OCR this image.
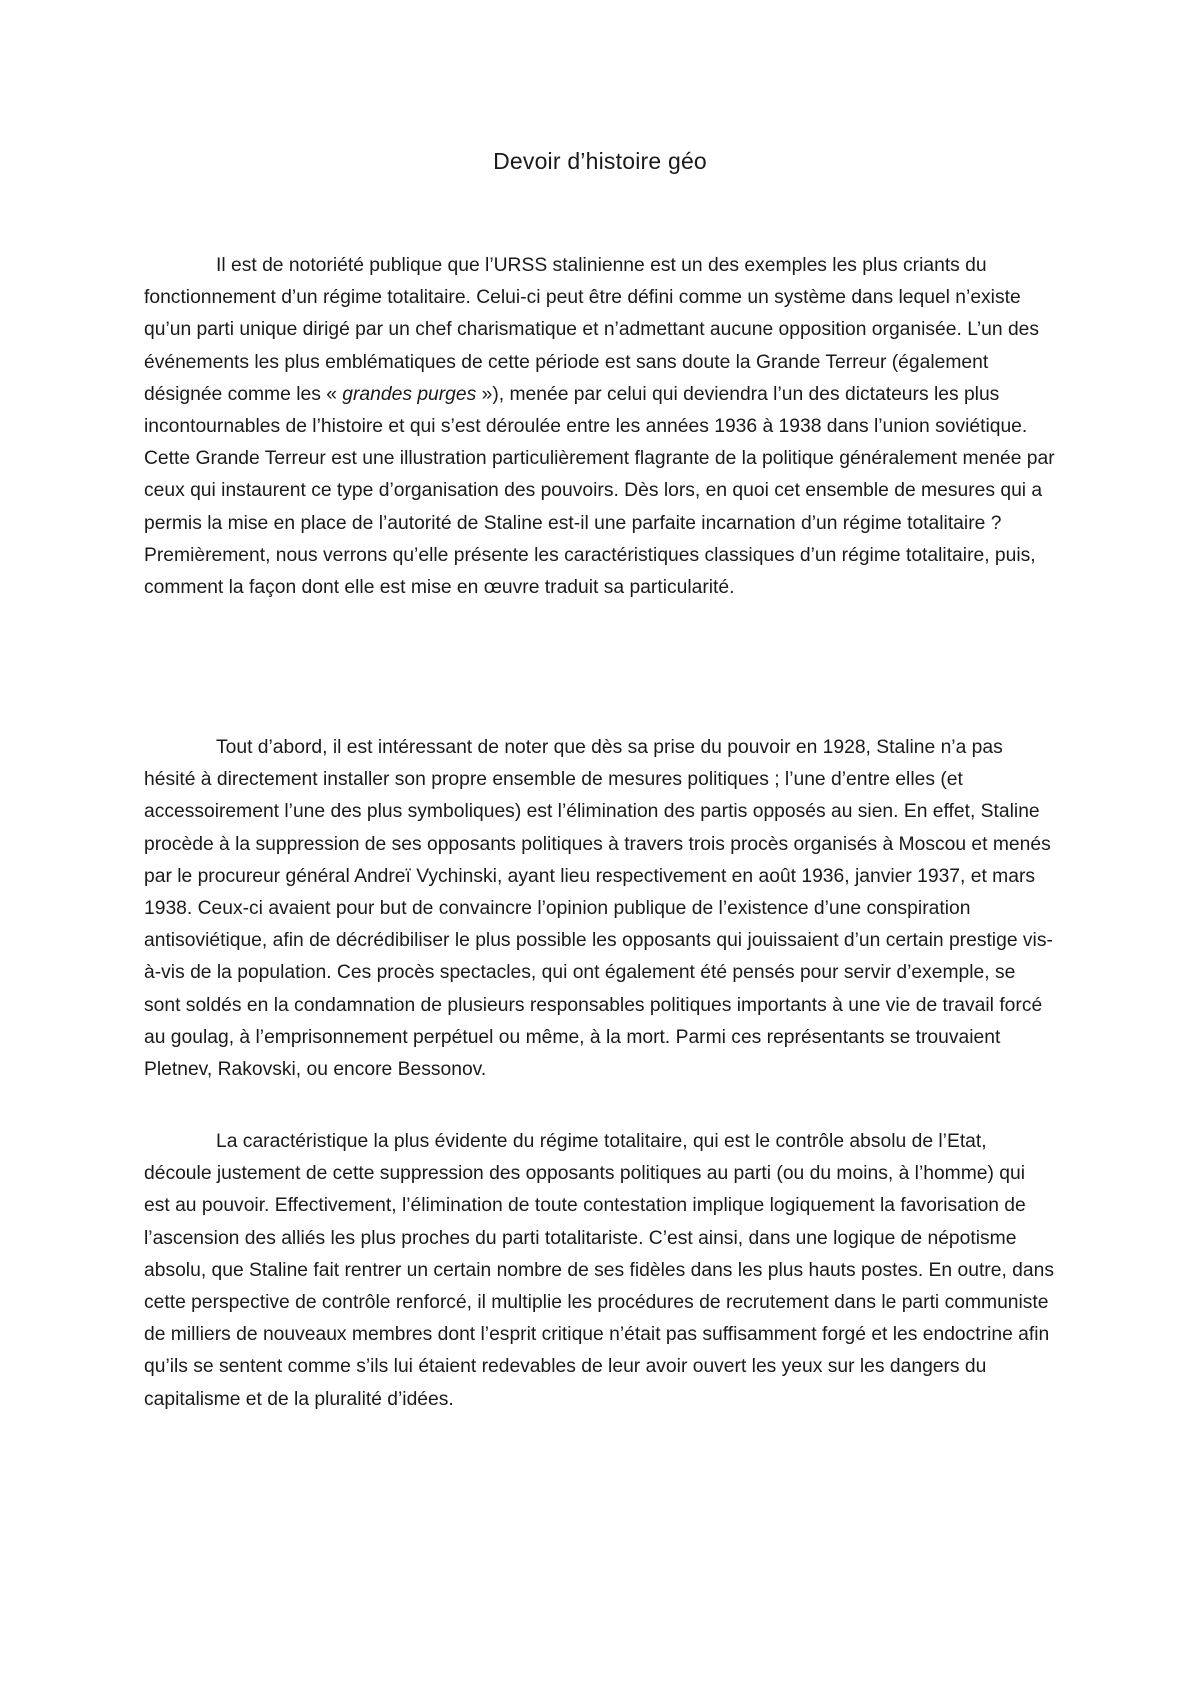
Devoir d’histoire géo

Il est de notoriété publique que l’URSS stalinienne est un des exemples les plus criants du fonctionnement d’un régime totalitaire. Celui-ci peut être défini comme un système dans lequel n’existe qu’un parti unique dirigé par un chef charismatique et n’admettant aucune opposition organisée. L’un des événements les plus emblématiques de cette période est sans doute la Grande Terreur (également désignée comme les « grandes purges »), menée par celui qui deviendra l’un des dictateurs les plus incontournables de l’histoire et qui s’est déroulée entre les années 1936 à 1938 dans l’union soviétique. Cette Grande Terreur est une illustration particulièrement flagrante de la politique généralement menée par ceux qui instaurent ce type d’organisation des pouvoirs. Dès lors, en quoi cet ensemble de mesures qui a permis la mise en place de l’autorité de Staline est-il une parfaite incarnation d’un régime totalitaire ? Premièrement, nous verrons qu’elle présente les caractéristiques classiques d’un régime totalitaire, puis, comment la façon dont elle est mise en œuvre traduit sa particularité.

Tout d’abord, il est intéressant de noter que dès sa prise du pouvoir en 1928, Staline n’a pas hésité à directement installer son propre ensemble de mesures politiques ; l’une d’entre elles (et accessoirement l’une des plus symboliques) est l’élimination des partis opposés au sien. En effet, Staline procède à la suppression de ses opposants politiques à travers trois procès organisés à Moscou et menés par le procureur général Andreï Vychinski, ayant lieu respectivement en août 1936, janvier 1937, et mars 1938. Ceux-ci avaient pour but de convaincre l’opinion publique de l’existence d’une conspiration antisoviétique, afin de décrédibiliser le plus possible les opposants qui jouissaient d’un certain prestige vis-à-vis de la population. Ces procès spectacles, qui ont également été pensés pour servir d’exemple, se sont soldés en la condamnation de plusieurs responsables politiques importants à une vie de travail forcé au goulag, à l’emprisonnement perpétuel ou même, à la mort. Parmi ces représentants se trouvaient Pletnev, Rakovski, ou encore Bessonov.

La caractéristique la plus évidente du régime totalitaire, qui est le contrôle absolu de l’Etat, découle justement de cette suppression des opposants politiques au parti (ou du moins, à l’homme) qui est au pouvoir. Effectivement, l’élimination de toute contestation implique logiquement la favorisation de l’ascension des alliés les plus proches du parti totalitariste. C’est ainsi, dans une logique de népotisme absolu, que Staline fait rentrer un certain nombre de ses fidèles dans les plus hauts postes. En outre, dans cette perspective de contrôle renforcé, il multiplie les procédures de recrutement dans le parti communiste de milliers de nouveaux membres dont l’esprit critique n’était pas suffisamment forgé et les endoctrine afin qu’ils se sentent comme s’ils lui étaient redevables de leur avoir ouvert les yeux sur les dangers du capitalisme et de la pluralité d’idées.
